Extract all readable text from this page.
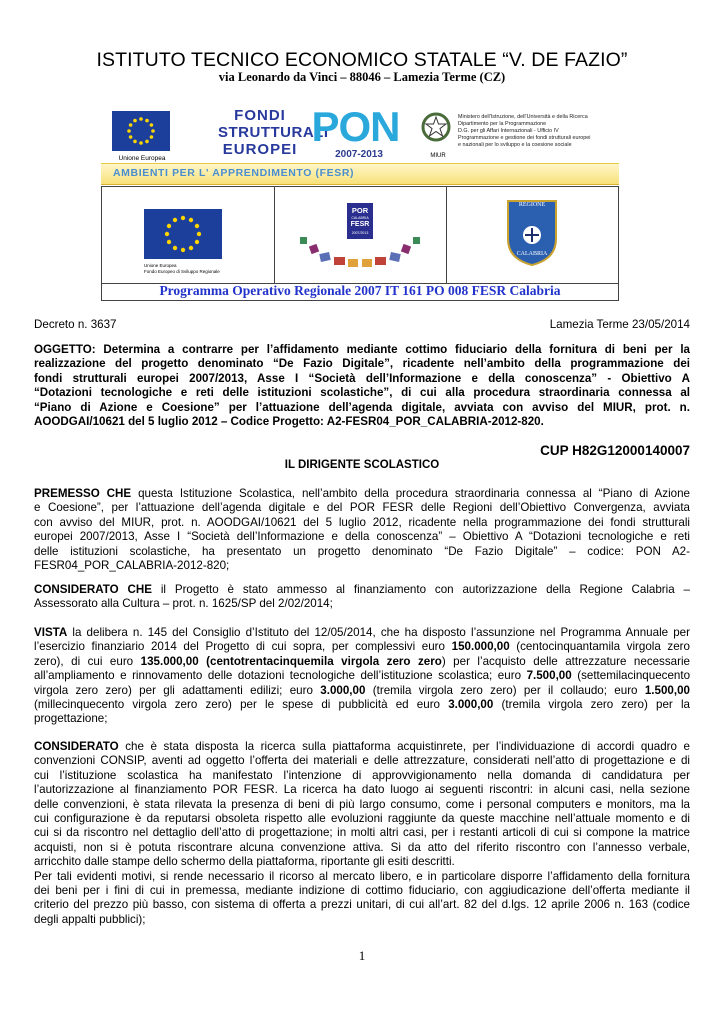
ISTITUTO TECNICO ECONOMICO STATALE “V. DE FAZIO”
via Leonardo da Vinci – 88046 – Lamezia Terme (CZ)
Unione Europea
FONDI
STRUTTURALI
EUROPEI PON
2007-2013	MIUR
Ministero dell'Istruzione, dell'Università e della Ricerca
Dipartimento per la Programmazione
D.G. per gli Affari Internazionali - Ufficio IV
Programmazione e gestione dei fondi strutturali europei
e nazionali per lo sviluppo e la coesione sociale
AMBIENTI PER L' APPRENDIMENTO (FESR)
Unione Europea
Fondo Europeo di Sviluppo Regionale
POR
CALABRIA
FESR
2007/2013
REGIONE
CALABRIA
Programma Operativo Regionale 2007 IT 161 PO 008 FESR Calabria
Decreto n. 3637	Lamezia Terme 23/05/2014
OGGETTO: Determina a contrarre per l’affidamento mediante cottimo fiduciario della fornitura di beni per la
realizzazione del progetto denominato “De Fazio Digitale”, ricadente nell’ambito della programmazione dei
fondi strutturali europei 2007/2013, Asse I “Società dell’Informazione e della conoscenza” - Obiettivo A
“Dotazioni tecnologiche e reti delle istituzioni scolastiche”, di cui alla procedura straordinaria connessa al
“Piano di Azione e Coesione” per l’attuazione dell’agenda digitale, avviata con avviso del MIUR, prot. n.
AOODGAI/10621 del 5 luglio 2012 – Codice Progetto: A2-FESR04_POR_CALABRIA-2012-820.
CUP H82G12000140007
IL DIRIGENTE SCOLASTICO
PREMESSO CHE questa Istituzione Scolastica, nell’ambito della procedura straordinaria connessa al “Piano di Azione
e Coesione”, per l’attuazione dell’agenda digitale e del POR FESR delle Regioni dell’Obiettivo Convergenza, avviata
con avviso del MIUR, prot. n. AOODGAI/10621 del 5 luglio 2012, ricadente nella programmazione dei fondi strutturali
europei 2007/2013, Asse I “Società dell’Informazione e della conoscenza” – Obiettivo A “Dotazioni tecnologiche e reti
delle istituzioni scolastiche, ha presentato un progetto denominato “De Fazio Digitale” – codice: PON A2-
FESR04_POR_CALABRIA-2012-820;
CONSIDERATO CHE il Progetto è stato ammesso al finanziamento con autorizzazione della Regione Calabria –
Assessorato alla Cultura – prot. n. 1625/SP del 2/02/2014;
VISTA la delibera n. 145 del Consiglio d’Istituto del 12/05/2014, che ha disposto l’assunzione nel Programma Annuale per
l’esercizio finanziario 2014 del Progetto di cui sopra, per complessivi euro 150.000,00 (centocinquantamila virgola zero
zero), di cui euro 135.000,00 (centotrentacinquemila virgola zero zero) per l’acquisto delle attrezzature necessarie
all’ampliamento e rinnovamento delle dotazioni tecnologiche dell’istituzione scolastica; euro 7.500,00 (settemilacinquecento
virgola zero zero) per gli adattamenti edilizi; euro 3.000,00 (tremila virgola zero zero) per il collaudo; euro 1.500,00
(millecinquecento virgola zero zero) per le spese di pubblicità ed euro 3.000,00 (tremila virgola zero zero) per la
progettazione;
CONSIDERATO che è stata disposta la ricerca sulla piattaforma acquistinrete, per l’individuazione di accordi quadro e
convenzioni CONSIP, aventi ad oggetto l’offerta dei materiali e delle attrezzature, considerati nell’atto di progettazione e di
cui l’istituzione scolastica ha manifestato l’intenzione di approvvigionamento nella domanda di candidatura per
l’autorizzazione al finanziamento POR FESR. La ricerca ha dato luogo ai seguenti riscontri: in alcuni casi, nella sezione
delle convenzioni, è stata rilevata la presenza di beni di più largo consumo, come i personal computers e monitors, ma la
cui configurazione è da reputarsi obsoleta rispetto alle evoluzioni raggiunte da queste macchine nell’attuale momento e di
cui si da riscontro nel dettaglio dell’atto di progettazione; in molti altri casi, per i restanti articoli di cui si compone la matrice
acquisti, non si è potuta riscontrare alcuna convenzione attiva. Si da atto del riferito riscontro con l’annesso verbale,
arricchito dalle stampe dello schermo della piattaforma, riportante gli esiti descritti.
Per tali evidenti motivi, si rende necessario il ricorso al mercato libero, e in particolare disporre l’affidamento della fornitura
dei beni per i fini di cui in premessa, mediante indizione di cottimo fiduciario, con aggiudicazione dell’offerta mediante il
criterio del prezzo più basso, con sistema di offerta a prezzi unitari, di cui all’art. 82 del d.lgs. 12 aprile 2006 n. 163 (codice
degli appalti pubblici);
1
